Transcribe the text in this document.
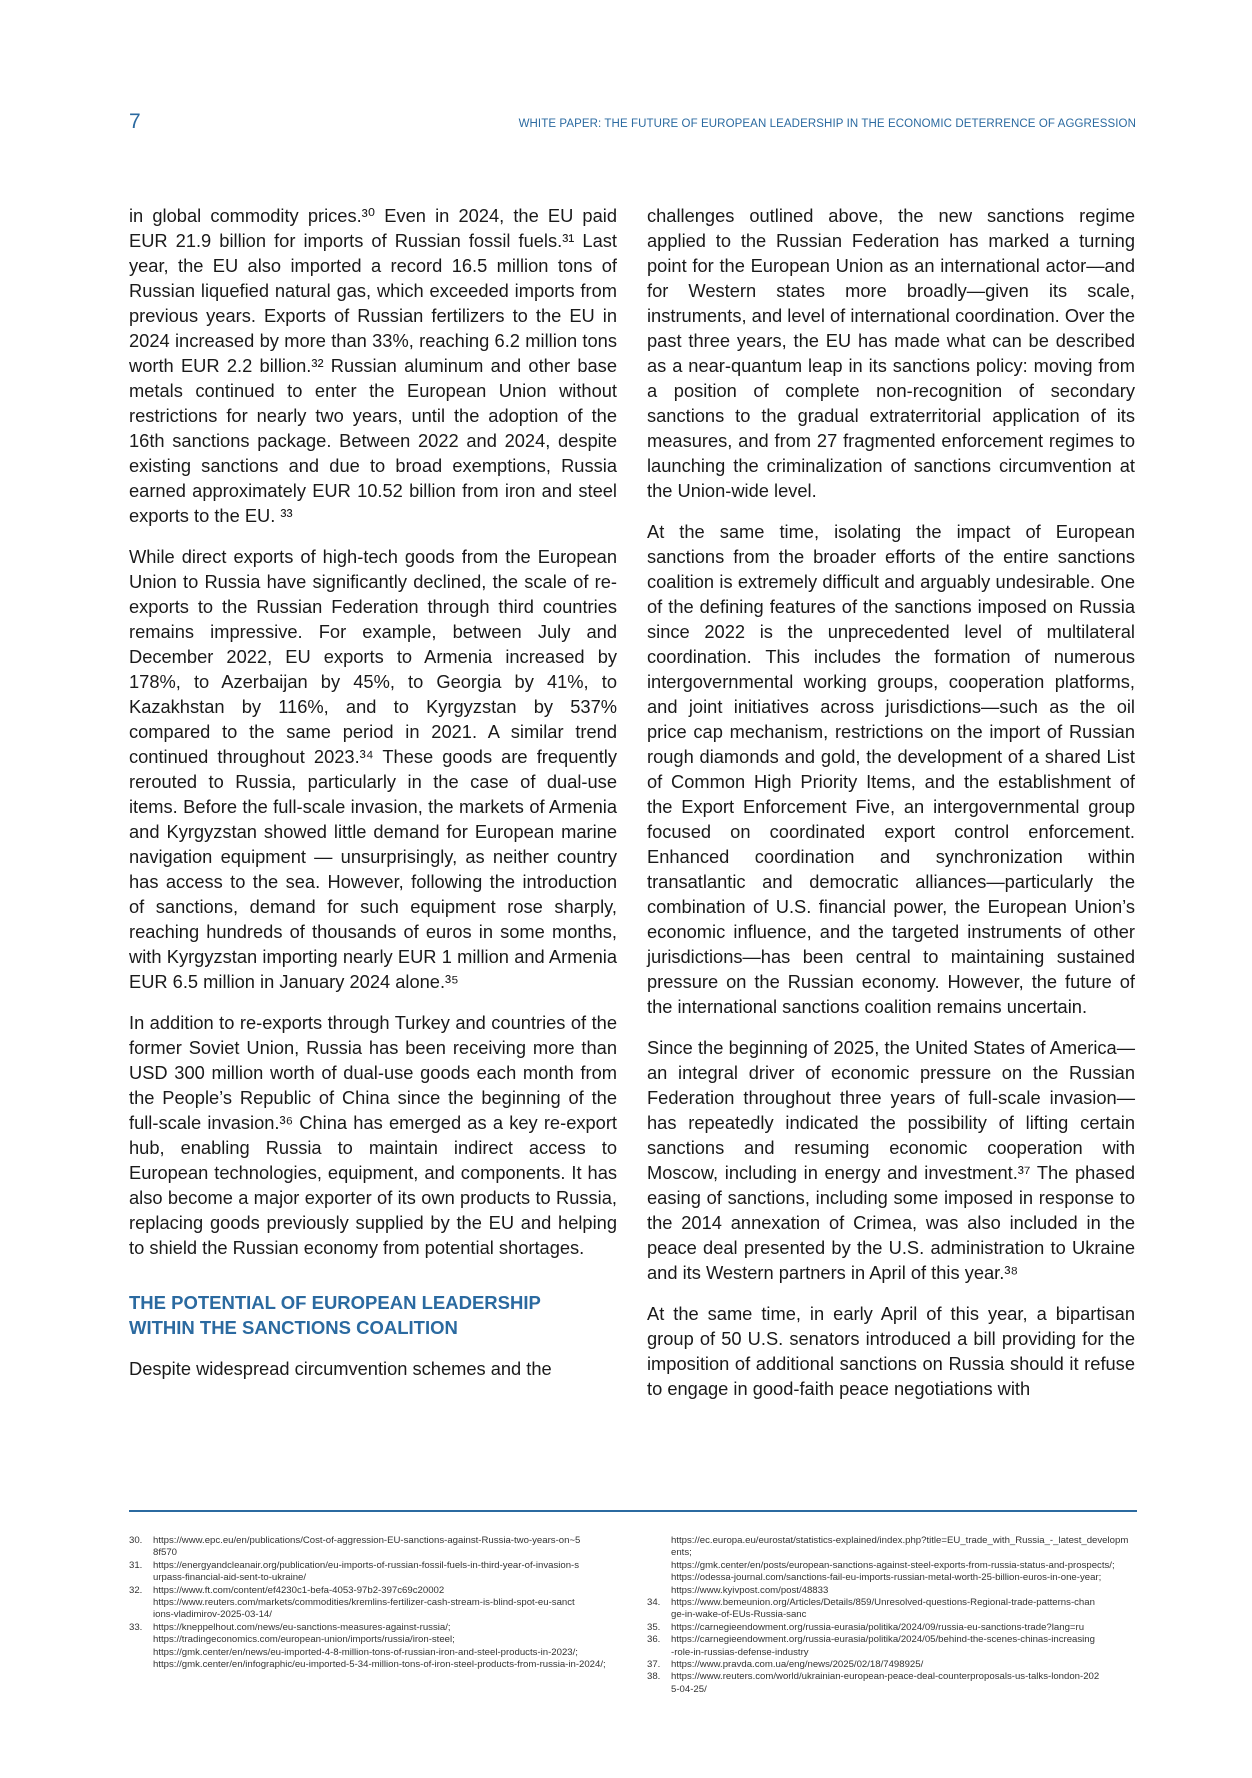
7	WHITE PAPER: THE FUTURE OF EUROPEAN LEADERSHIP IN THE ECONOMIC DETERRENCE OF AGGRESSION

in global commodity prices.³⁰ Even in 2024, the EU paid EUR 21.9 billion for imports of Russian fossil fuels.³¹ Last year, the EU also imported a record 16.5 million tons of Russian liquefied natural gas, which exceeded imports from previous years. Exports of Russian fertilizers to the EU in 2024 increased by more than 33%, reaching 6.2 million tons worth EUR 2.2 billion.³² Russian aluminum and other base metals continued to enter the European Union without restrictions for nearly two years, until the adoption of the 16th sanctions package. Between 2022 and 2024, despite existing sanctions and due to broad exemptions, Russia earned approximately EUR 10.52 billion from iron and steel exports to the EU. ³³

While direct exports of high-tech goods from the European Union to Russia have significantly declined, the scale of re-exports to the Russian Federation through third countries remains impressive. For example, between July and December 2022, EU exports to Armenia increased by 178%, to Azerbaijan by 45%, to Georgia by 41%, to Kazakhstan by 116%, and to Kyrgyzstan by 537% compared to the same period in 2021. A similar trend continued throughout 2023.³⁴ These goods are frequently rerouted to Russia, particularly in the case of dual-use items. Before the full-scale invasion, the markets of Armenia and Kyrgyzstan showed little demand for European marine navigation equipment — unsurprisingly, as neither country has access to the sea. However, following the introduction of sanctions, demand for such equipment rose sharply, reaching hundreds of thousands of euros in some months, with Kyrgyzstan importing nearly EUR 1 million and Armenia EUR 6.5 million in January 2024 alone.³⁵

In addition to re-exports through Turkey and countries of the former Soviet Union, Russia has been receiving more than USD 300 million worth of dual-use goods each month from the People’s Republic of China since the beginning of the full-scale invasion.³⁶ China has emerged as a key re-export hub, enabling Russia to maintain indirect access to European technologies, equipment, and components. It has also become a major exporter of its own products to Russia, replacing goods previously supplied by the EU and helping to shield the Russian economy from potential shortages.

THE POTENTIAL OF EUROPEAN LEADERSHIP WITHIN THE SANCTIONS COALITION

Despite widespread circumvention schemes and the

challenges outlined above, the new sanctions regime applied to the Russian Federation has marked a turning point for the European Union as an international actor—and for Western states more broadly—given its scale, instruments, and level of international coordination. Over the past three years, the EU has made what can be described as a near-quantum leap in its sanctions policy: moving from a position of complete non-recognition of secondary sanctions to the gradual extraterritorial application of its measures, and from 27 fragmented enforcement regimes to launching the criminalization of sanctions circumvention at the Union-wide level.

At the same time, isolating the impact of European sanctions from the broader efforts of the entire sanctions coalition is extremely difficult and arguably undesirable. One of the defining features of the sanctions imposed on Russia since 2022 is the unprecedented level of multilateral coordination. This includes the formation of numerous intergovernmental working groups, cooperation platforms, and joint initiatives across jurisdictions—such as the oil price cap mechanism, restrictions on the import of Russian rough diamonds and gold, the development of a shared List of Common High Priority Items, and the establishment of the Export Enforcement Five, an intergovernmental group focused on coordinated export control enforcement. Enhanced coordination and synchronization within transatlantic and democratic alliances—particularly the combination of U.S. financial power, the European Union’s economic influence, and the targeted instruments of other jurisdictions—has been central to maintaining sustained pressure on the Russian economy. However, the future of the international sanctions coalition remains uncertain.

Since the beginning of 2025, the United States of America—an integral driver of economic pressure on the Russian Federation throughout three years of full-scale invasion—has repeatedly indicated the possibility of lifting certain sanctions and resuming economic cooperation with Moscow, including in energy and investment.³⁷ The phased easing of sanctions, including some imposed in response to the 2014 annexation of Crimea, was also included in the peace deal presented by the U.S. administration to Ukraine and its Western partners in April of this year.³⁸

At the same time, in early April of this year, a bipartisan group of 50 U.S. senators introduced a bill providing for the imposition of additional sanctions on Russia should it refuse to engage in good-faith peace negotiations with

30.	https://www.epc.eu/en/publications/Cost-of-aggression-EU-sanctions-against-Russia-two-years-on~5
8f570
31.	https://energyandcleanair.org/publication/eu-imports-of-russian-fossil-fuels-in-third-year-of-invasion-s
urpass-financial-aid-sent-to-ukraine/
32.	https://www.ft.com/content/ef4230c1-befa-4053-97b2-397c69c20002
https://www.reuters.com/markets/commodities/kremlins-fertilizer-cash-stream-is-blind-spot-eu-sanct
ions-vladimirov-2025-03-14/
33.	https://kneppelhout.com/news/eu-sanctions-measures-against-russia/;
https://tradingeconomics.com/european-union/imports/russia/iron-steel;
https://gmk.center/en/news/eu-imported-4-8-million-tons-of-russian-iron-and-steel-products-in-2023/;
https://gmk.center/en/infographic/eu-imported-5-34-million-tons-of-iron-steel-products-from-russia-in-2024/;
https://ec.europa.eu/eurostat/statistics-explained/index.php?title=EU_trade_with_Russia_-_latest_developm
ents;
https://gmk.center/en/posts/european-sanctions-against-steel-exports-from-russia-status-and-prospects/;
https://odessa-journal.com/sanctions-fail-eu-imports-russian-metal-worth-25-billion-euros-in-one-year;
https://www.kyivpost.com/post/48833
34.	https://www.bemeunion.org/Articles/Details/859/Unresolved-questions-Regional-trade-patterns-chan
ge-in-wake-of-EUs-Russia-sanc
35.	https://carnegieendowment.org/russia-eurasia/politika/2024/09/russia-eu-sanctions-trade?lang=ru
36.	https://carnegieendowment.org/russia-eurasia/politika/2024/05/behind-the-scenes-chinas-increasing
-role-in-russias-defense-industry
37.	https://www.pravda.com.ua/eng/news/2025/02/18/7498925/
38.	https://www.reuters.com/world/ukrainian-european-peace-deal-counterproposals-us-talks-london-202
5-04-25/
